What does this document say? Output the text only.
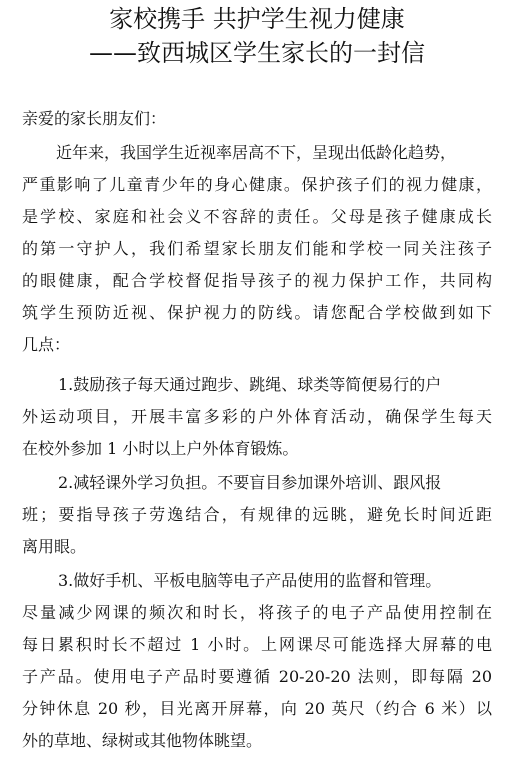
家校携手 共护学生视力健康
——致西城区学生家长的一封信
亲爱的家长朋友们：
近年来，我国学生近视率居高不下，呈现出低龄化趋势，
严重影响了儿童青少年的身心健康。保护孩子们的视力健康，
是学校、家庭和社会义不容辞的责任。父母是孩子健康成长
的第一守护人，我们希望家长朋友们能和学校一同关注孩子
的眼健康，配合学校督促指导孩子的视力保护工作，共同构
筑学生预防近视、保护视力的防线。请您配合学校做到如下
几点：
1.鼓励孩子每天通过跑步、跳绳、球类等简便易行的户
外运动项目，开展丰富多彩的户外体育活动，确保学生每天
在校外参加 1 小时以上户外体育锻炼。
2.减轻课外学习负担。不要盲目参加课外培训、跟风报
班；要指导孩子劳逸结合，有规律的远眺，避免长时间近距
离用眼。
3.做好手机、平板电脑等电子产品使用的监督和管理。
尽量减少网课的频次和时长，将孩子的电子产品使用控制在
每日累积时长不超过 1 小时。上网课尽可能选择大屏幕的电
子产品。使用电子产品时要遵循 20-20-20 法则，即每隔 20
分钟休息 20 秒，目光离开屏幕，向 20 英尺（约合 6 米）以
外的草地、绿树或其他物体眺望。
